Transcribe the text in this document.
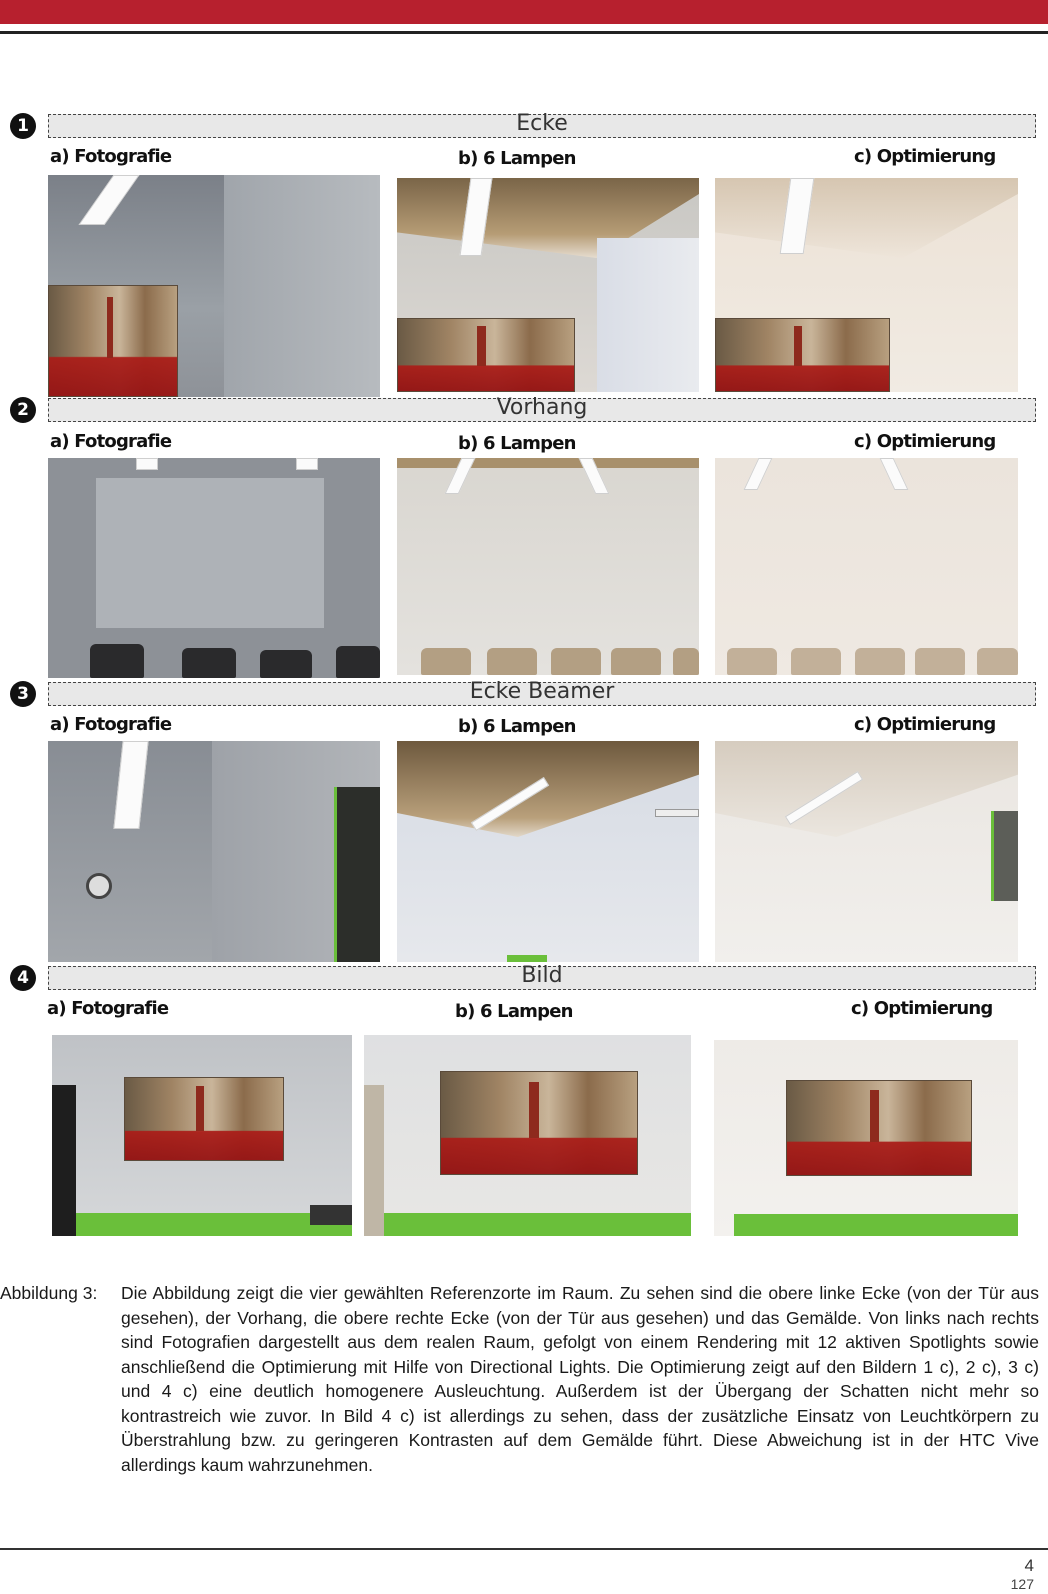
1	Ecke
a) Fotografie	b) 6 Lampen	c) Optimierung
2	Vorhang
a) Fotografie	b) 6 Lampen	c) Optimierung
3	Ecke Beamer
a) Fotografie	b) 6 Lampen	c) Optimierung
4	Bild
a) Fotografie	b) 6 Lampen	c) Optimierung
Abbildung 3: Die Abbildung zeigt die vier gewählten Referenzorte im Raum. Zu sehen sind die obere linke Ecke (von der Tür aus gesehen), der Vorhang, die obere rechte Ecke (von der Tür aus gesehen) und das Gemälde. Von links nach rechts sind Fotografien dargestellt aus dem realen Raum, gefolgt von einem Rendering mit 12 aktiven Spotlights sowie anschließend die Optimierung mit Hilfe von Directional Lights. Die Optimierung zeigt auf den Bildern 1 c), 2 c), 3 c) und 4 c) eine deutlich homogenere Ausleuchtung. Außerdem ist der Übergang der Schatten nicht mehr so kontrastreich wie zuvor. In Bild 4 c) ist allerdings zu sehen, dass der zusätzliche Einsatz von Leuchtkörpern zu Überstrahlung bzw. zu geringeren Kontrasten auf dem Gemälde führt. Diese Abweichung ist in der HTC Vive allerdings kaum wahrzunehmen.
4
127
